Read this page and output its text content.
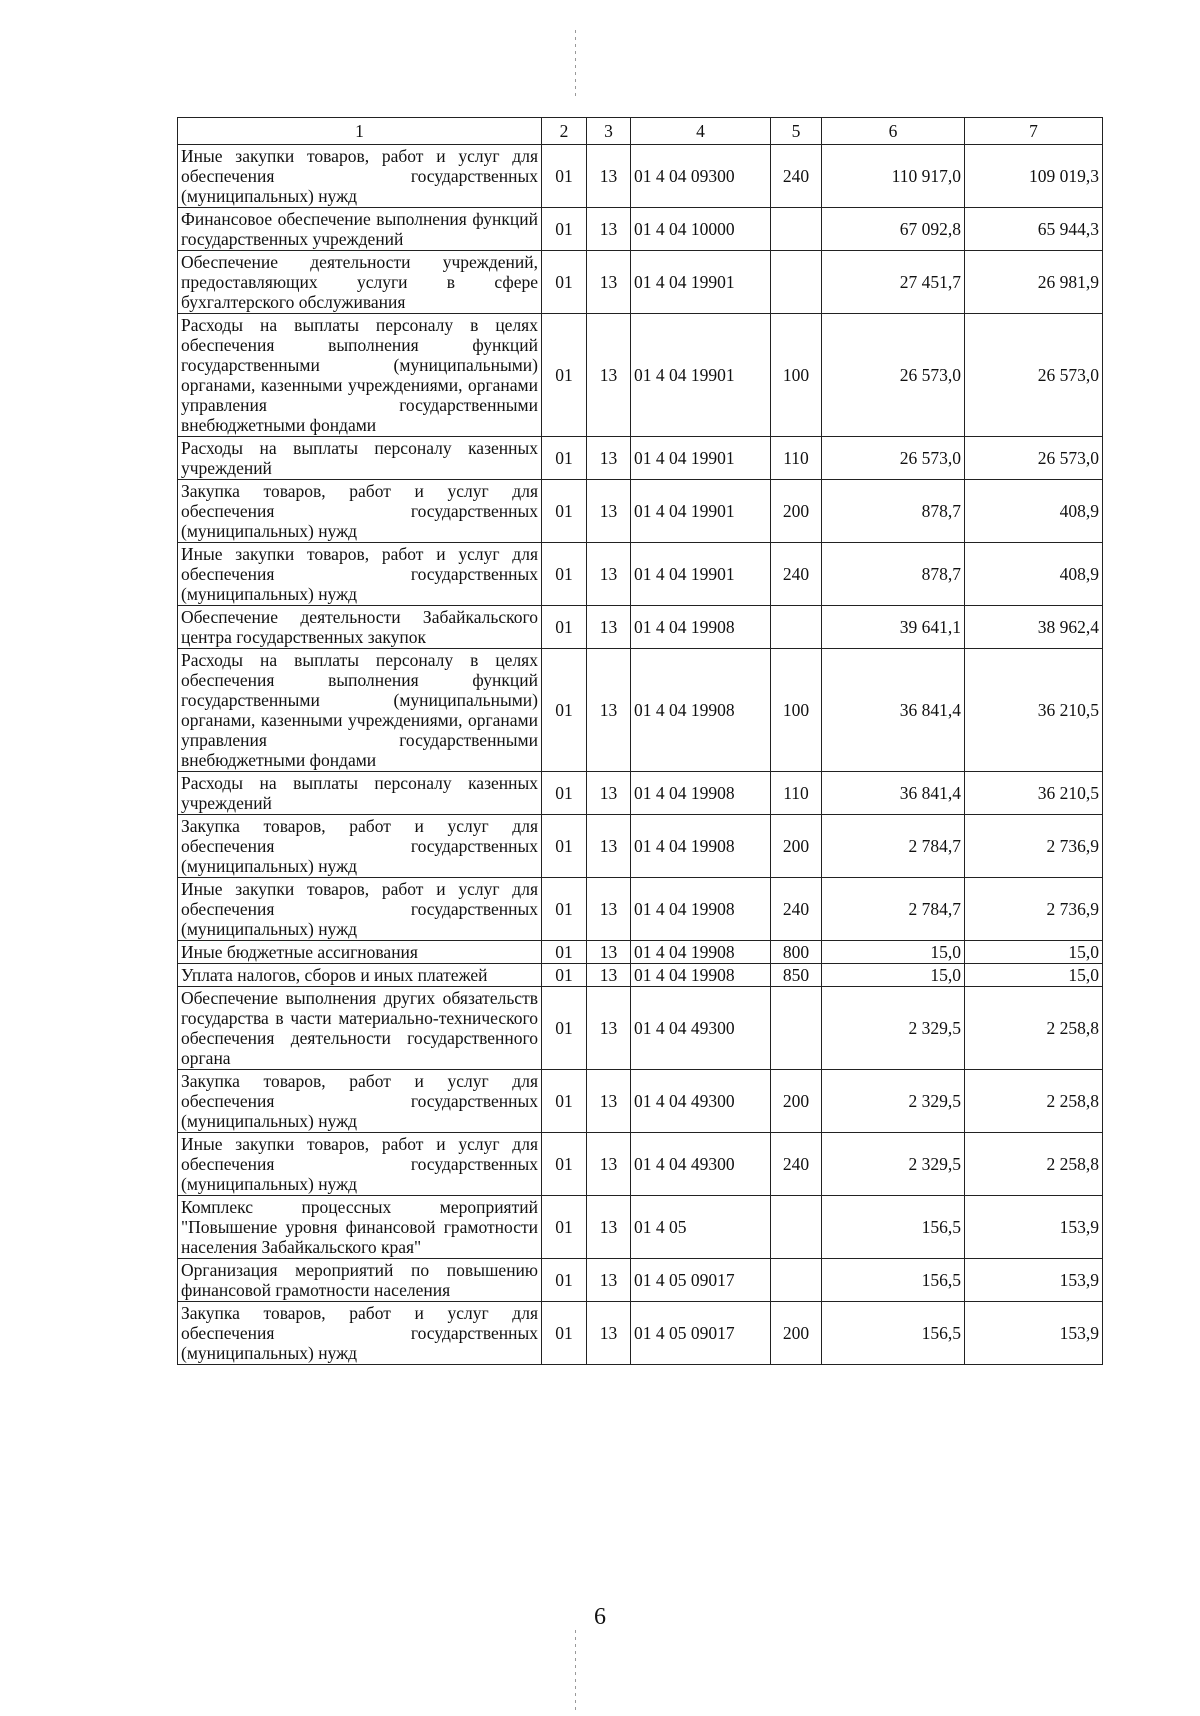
1	2	3	4	5	6	7
Иные закупки товаров, работ и услуг для обеспечения государственных (муниципальных) нужд	01	13	01 4 04 09300	240	110 917,0	109 019,3
Финансовое обеспечение выполнения функций государственных учреждений	01	13	01 4 04 10000		67 092,8	65 944,3
Обеспечение деятельности учреждений, предоставляющих услуги в сфере бухгалтерского обслуживания	01	13	01 4 04 19901		27 451,7	26 981,9
Расходы на выплаты персоналу в целях обеспечения выполнения функций государственными (муниципальными) органами, казенными учреждениями, органами управления государственными внебюджетными фондами	01	13	01 4 04 19901	100	26 573,0	26 573,0
Расходы на выплаты персоналу казенных учреждений	01	13	01 4 04 19901	110	26 573,0	26 573,0
Закупка товаров, работ и услуг для обеспечения государственных (муниципальных) нужд	01	13	01 4 04 19901	200	878,7	408,9
Иные закупки товаров, работ и услуг для обеспечения государственных (муниципальных) нужд	01	13	01 4 04 19901	240	878,7	408,9
Обеспечение деятельности Забайкальского центра государственных закупок	01	13	01 4 04 19908		39 641,1	38 962,4
Расходы на выплаты персоналу в целях обеспечения выполнения функций государственными (муниципальными) органами, казенными учреждениями, органами управления государственными внебюджетными фондами	01	13	01 4 04 19908	100	36 841,4	36 210,5
Расходы на выплаты персоналу казенных учреждений	01	13	01 4 04 19908	110	36 841,4	36 210,5
Закупка товаров, работ и услуг для обеспечения государственных (муниципальных) нужд	01	13	01 4 04 19908	200	2 784,7	2 736,9
Иные закупки товаров, работ и услуг для обеспечения государственных (муниципальных) нужд	01	13	01 4 04 19908	240	2 784,7	2 736,9
Иные бюджетные ассигнования	01	13	01 4 04 19908	800	15,0	15,0
Уплата налогов, сборов и иных платежей	01	13	01 4 04 19908	850	15,0	15,0
Обеспечение выполнения других обязательств государства в части материально-технического обеспечения деятельности государственного органа	01	13	01 4 04 49300		2 329,5	2 258,8
Закупка товаров, работ и услуг для обеспечения государственных (муниципальных) нужд	01	13	01 4 04 49300	200	2 329,5	2 258,8
Иные закупки товаров, работ и услуг для обеспечения государственных (муниципальных) нужд	01	13	01 4 04 49300	240	2 329,5	2 258,8
Комплекс процессных мероприятий "Повышение уровня финансовой грамотности населения Забайкальского края"	01	13	01 4 05		156,5	153,9
Организация мероприятий по повышению финансовой грамотности населения	01	13	01 4 05 09017		156,5	153,9
Закупка товаров, работ и услуг для обеспечения государственных (муниципальных) нужд	01	13	01 4 05 09017	200	156,5	153,9
6
